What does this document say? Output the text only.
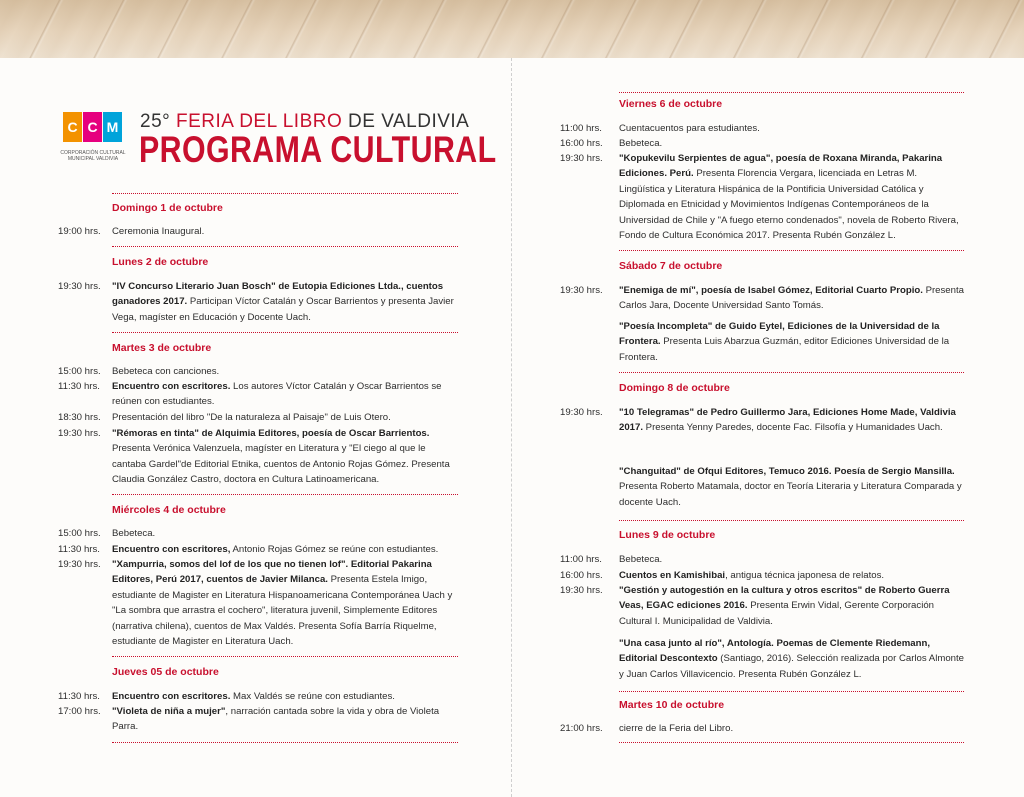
C C M
CORPORACIÓN CULTURAL
MUNICIPAL VALDIVIA
25° FERIA DEL LIBRO DE VALDIVIA
PROGRAMA CULTURAL
Domingo 1 de octubre
19:00 hrs. Ceremonia Inaugural.
Lunes 2 de octubre
19:30 hrs. "IV Concurso Literario Juan Bosch" de Eutopia Ediciones Ltda., cuentos ganadores 2017. Participan Víctor Catalán y Oscar Barrientos y presenta Javier Vega, magíster en Educación y Docente Uach.
Martes 3 de octubre
15:00 hrs. Bebeteca con canciones.
11:30 hrs. Encuentro con escritores. Los autores Víctor Catalán y Oscar Barrientos se reúnen con estudiantes.
18:30 hrs. Presentación del libro "De la naturaleza al Paisaje" de Luis Otero.
19:30 hrs. "Rémoras en tinta" de Alquimia Editores, poesía de Oscar Barrientos. Presenta Verónica Valenzuela, magíster en Literatura y "El ciego al que le cantaba Gardel"de Editorial Etnika, cuentos de Antonio Rojas Gómez. Presenta Claudia González Castro, doctora en Cultura Latinoamericana.
Miércoles 4 de octubre
15:00 hrs. Bebeteca.
11:30 hrs. Encuentro con escritores, Antonio Rojas Gómez se reúne con estudiantes.
19:30 hrs. "Xampurria, somos del lof de los que no tienen lof". Editorial Pakarina Editores, Perú 2017, cuentos de Javier Milanca. Presenta Estela Imigo, estudiante de Magister en Literatura Hispanoamericana Contemporánea Uach y "La sombra que arrastra el cochero", literatura juvenil, Simplemente Editores (narrativa chilena), cuentos de Max Valdés. Presenta Sofía Barría Riquelme, estudiante de Magister en Literatura Uach.
Jueves 05 de octubre
11:30 hrs. Encuentro con escritores. Max Valdés se reúne con estudiantes.
17:00 hrs. "Violeta de niña a mujer", narración cantada sobre la vida y obra de Violeta Parra.
Viernes 6 de octubre
11:00 hrs. Cuentacuentos para estudiantes.
16:00 hrs. Bebeteca.
19:30 hrs. "Kopukevilu Serpientes de agua", poesía de Roxana Miranda, Pakarina Ediciones. Perú. Presenta Florencia Vergara, licenciada en Letras M. Lingüística y Literatura Hispánica de la Pontificia Universidad Católica y Diplomada en Etnicidad y Movimientos Indígenas Contemporáneos de la Universidad de Chile y "A fuego eterno condenados", novela de Roberto Rivera, Fondo de Cultura Económica 2017. Presenta Rubén González L.
Sábado 7 de octubre
19:30 hrs. "Enemiga de mí", poesía de Isabel Gómez, Editorial Cuarto Propio. Presenta Carlos Jara, Docente Universidad Santo Tomás.
"Poesía Incompleta" de Guido Eytel, Ediciones de la Universidad de la Frontera. Presenta Luis Abarzua Guzmán, editor Ediciones Universidad de la Frontera.
Domingo 8 de octubre
19:30 hrs. "10 Telegramas" de Pedro Guillermo Jara, Ediciones Home Made, Valdivia 2017. Presenta Yenny Paredes, docente Fac. Filsofía y Humanidades Uach.
"Changuitad" de Ofqui Editores, Temuco 2016. Poesía de Sergio Mansilla. Presenta Roberto Matamala, doctor en Teoría Literaria y Literatura Comparada y docente Uach.
Lunes 9 de octubre
11:00 hrs. Bebeteca.
16:00 hrs. Cuentos en Kamishibai, antigua técnica japonesa de relatos.
19:30 hrs. "Gestión y autogestión en la cultura y otros escritos" de Roberto Guerra Veas, EGAC ediciones 2016. Presenta Erwin Vidal, Gerente Corporación Cultural I. Municipalidad de Valdivia.
"Una casa junto al río", Antología. Poemas de Clemente Riedemann, Editorial Descontexto (Santiago, 2016). Selección realizada por Carlos Almonte y Juan Carlos Villavicencio. Presenta Rubén González L.
Martes 10 de octubre
21:00 hrs. cierre de la Feria del Libro.
